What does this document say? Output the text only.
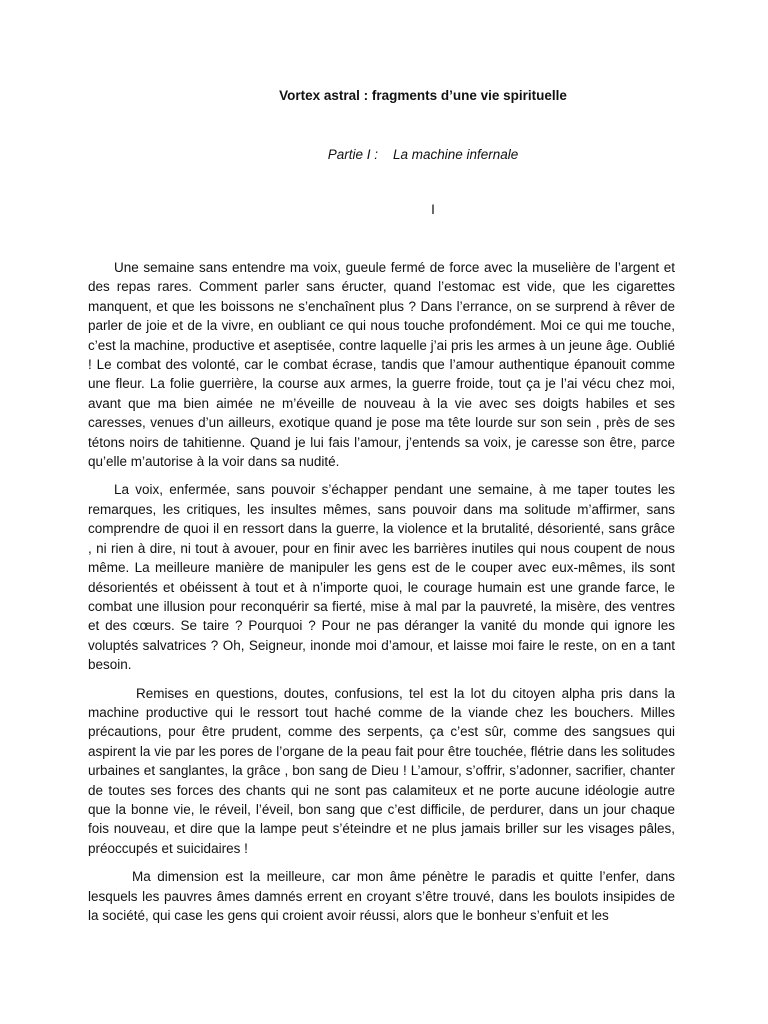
Vortex astral : fragments d’une vie spirituelle
Partie I :    La machine infernale
I

Une semaine sans entendre ma voix, gueule fermé de force avec la muselière de l’argent et des repas rares. Comment parler sans éructer, quand l’estomac est vide, que les cigarettes manquent, et que les boissons ne s’enchaînent plus ? Dans l’errance, on se surprend à rêver de parler de joie et de la vivre, en oubliant ce qui nous touche profondément. Moi ce qui me touche, c’est la machine, productive et aseptisée, contre laquelle j’ai pris les armes à un jeune âge. Oublié ! Le combat des volonté, car le combat écrase, tandis que l’amour authentique épanouit comme une fleur. La folie guerrière, la course aux armes, la guerre froide, tout ça je l’ai vécu chez moi, avant que ma bien aimée ne m’éveille de nouveau à la vie avec ses doigts habiles et ses caresses, venues d’un ailleurs, exotique quand je pose ma tête lourde sur son sein , près de ses tétons noirs de tahitienne. Quand je lui fais l’amour, j’entends sa voix, je caresse son être, parce qu’elle m’autorise à la voir dans sa nudité.

La voix, enfermée, sans pouvoir s’échapper pendant une semaine, à me taper toutes les remarques, les critiques, les insultes mêmes, sans pouvoir dans ma solitude m’affirmer, sans comprendre de quoi il en ressort dans la guerre, la violence et la brutalité, désorienté, sans grâce , ni rien à dire, ni tout à avouer, pour en finir avec les barrières inutiles qui nous coupent de nous même. La meilleure manière de manipuler les gens est de le couper avec eux-mêmes, ils sont désorientés et obéissent à tout et à n’importe quoi, le courage humain est une grande farce, le combat une illusion pour reconquérir sa fierté, mise à mal par la pauvreté, la misère, des ventres et des cœurs. Se taire ? Pourquoi ? Pour ne pas déranger la vanité du monde qui ignore les voluptés salvatrices ? Oh, Seigneur, inonde moi d’amour, et laisse moi faire le reste, on en a tant besoin.

Remises en questions, doutes, confusions, tel est la lot du citoyen alpha pris dans la machine productive qui le ressort tout haché comme de la viande chez les bouchers. Milles précautions, pour être prudent, comme des serpents, ça c’est sûr, comme des sangsues qui aspirent la vie par les pores de l’organe de la peau fait pour être touchée, flétrie dans les solitudes urbaines et sanglantes, la grâce , bon sang de Dieu ! L’amour, s’offrir, s’adonner, sacrifier, chanter de toutes ses forces des chants qui ne sont pas calamiteux et ne porte aucune idéologie autre que la bonne vie, le réveil, l’éveil, bon sang que c’est difficile, de perdurer, dans un jour chaque fois nouveau, et dire que la lampe peut s’éteindre et ne plus jamais briller sur les visages pâles, préoccupés et suicidaires !

Ma dimension est la meilleure, car mon âme pénètre le paradis et quitte l’enfer, dans lesquels les pauvres âmes damnés errent en croyant s’être trouvé, dans les boulots insipides de la société, qui case les gens qui croient avoir réussi, alors que le bonheur s’enfuit et les
